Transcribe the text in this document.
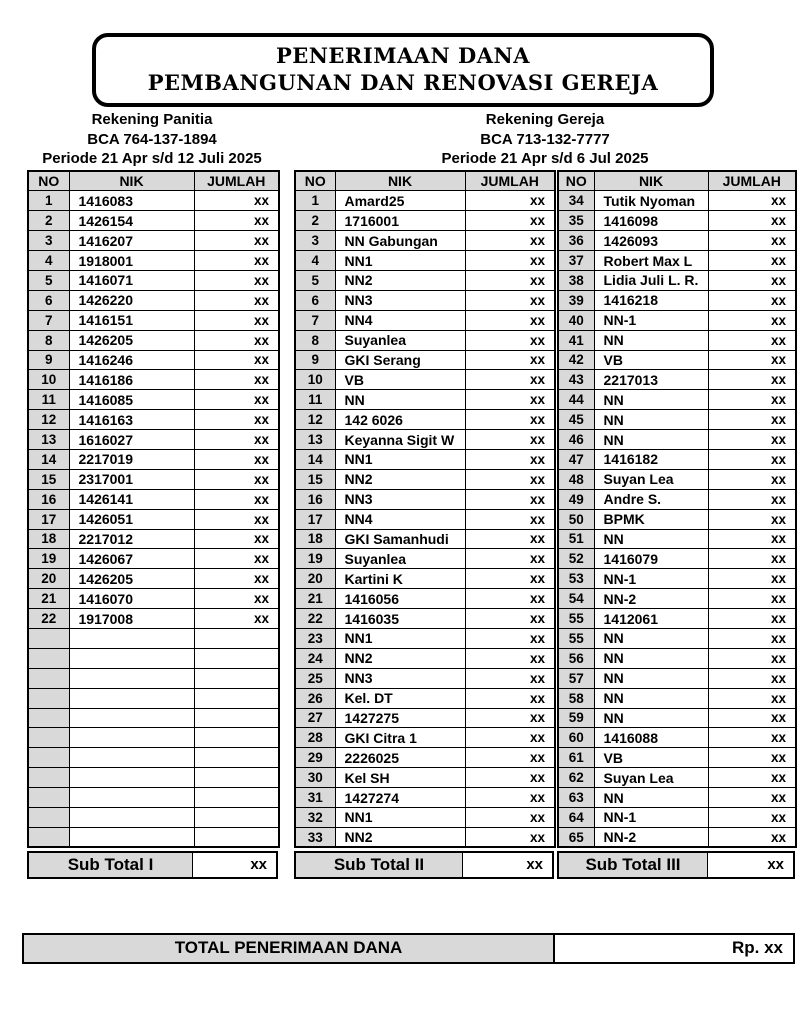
PENERIMAAN DANA
PEMBANGUNAN DAN RENOVASI GEREJA
Rekening Panitia
BCA 764-137-1894
Periode 21 Apr s/d 12 Juli 2025
Rekening Gereja
BCA 713-132-7777
Periode 21 Apr s/d 6 Jul 2025
NO	NIK	JUMLAH
1	1416083	xx
2	1426154	xx
3	1416207	xx
4	1918001	xx
5	1416071	xx
6	1426220	xx
7	1416151	xx
8	1426205	xx
9	1416246	xx
10	1416186	xx
11	1416085	xx
12	1416163	xx
13	1616027	xx
14	2217019	xx
15	2317001	xx
16	1426141	xx
17	1426051	xx
18	2217012	xx
19	1426067	xx
20	1426205	xx
21	1416070	xx
22	1917008	xx

Sub Total I	xx
NO	NIK	JUMLAH
1	Amard25	xx
2	1716001	xx
3	NN Gabungan	xx
4	NN1	xx
5	NN2	xx
6	NN3	xx
7	NN4	xx
8	Suyanlea	xx
9	GKI Serang	xx
10	VB	xx
11	NN	xx
12	142 6026	xx
13	Keyanna Sigit W	xx
14	NN1	xx
15	NN2	xx
16	NN3	xx
17	NN4	xx
18	GKI Samanhudi	xx
19	Suyanlea	xx
20	Kartini K	xx
21	1416056	xx
22	1416035	xx
23	NN1	xx
24	NN2	xx
25	NN3	xx
26	Kel. DT	xx
27	1427275	xx
28	GKI Citra 1	xx
29	2226025	xx
30	Kel SH	xx
31	1427274	xx
32	NN1	xx
33	NN2	xx
Sub Total II	xx
NO	NIK	JUMLAH
34	Tutik Nyoman	xx
35	1416098	xx
36	1426093	xx
37	Robert Max L	xx
38	Lidia Juli L. R.	xx
39	1416218	xx
40	NN-1	xx
41	NN	xx
42	VB	xx
43	2217013	xx
44	NN	xx
45	NN	xx
46	NN	xx
47	1416182	xx
48	Suyan Lea	xx
49	Andre S.	xx
50	BPMK	xx
51	NN	xx
52	1416079	xx
53	NN-1	xx
54	NN-2	xx
55	1412061	xx
55	NN	xx
56	NN	xx
57	NN	xx
58	NN	xx
59	NN	xx
60	1416088	xx
61	VB	xx
62	Suyan Lea	xx
63	NN	xx
64	NN-1	xx
65	NN-2	xx
Sub Total III	xx
TOTAL PENERIMAAN DANA	Rp. xx
